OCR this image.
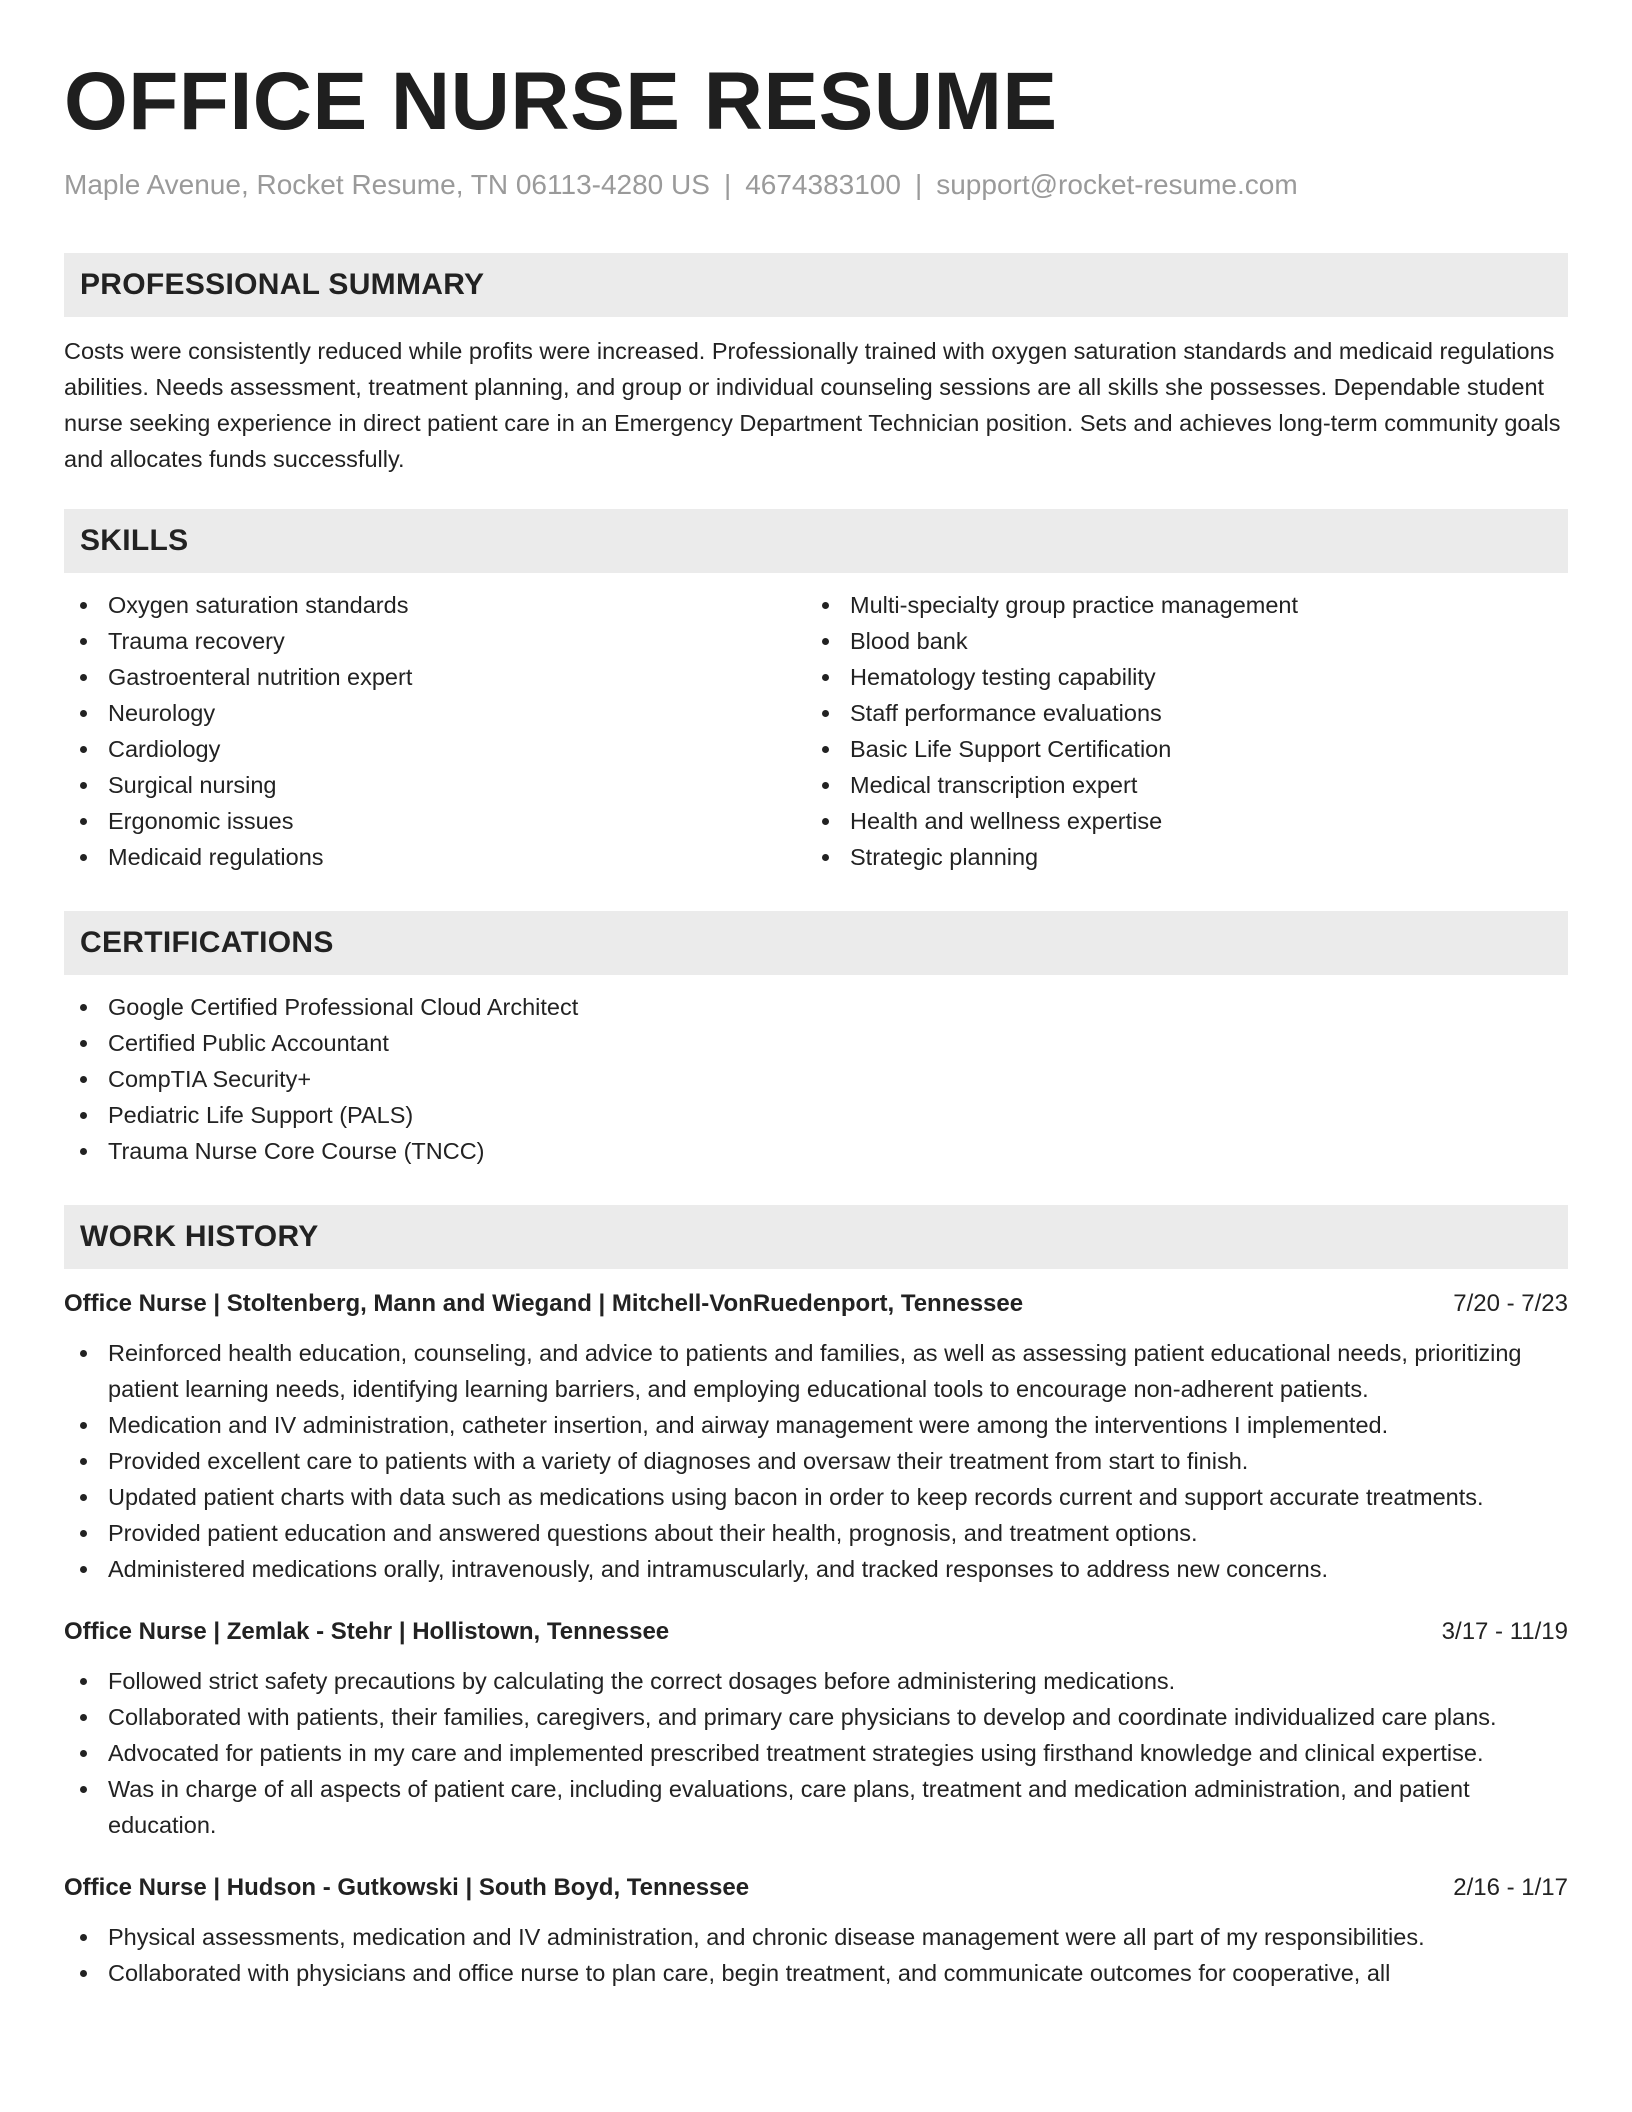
OFFICE NURSE RESUME
Maple Avenue, Rocket Resume, TN 06113-4280 US | 4674383100 | support@rocket-resume.com
PROFESSIONAL SUMMARY

Costs were consistently reduced while profits were increased. Professionally trained with oxygen saturation standards and medicaid regulations abilities. Needs assessment, treatment planning, and group or individual counseling sessions are all skills she possesses. Dependable student nurse seeking experience in direct patient care in an Emergency Department Technician position. Sets and achieves long-term community goals and allocates funds successfully.

SKILLS
Oxygen saturation standards
Trauma recovery
Gastroenteral nutrition expert
Neurology
Cardiology
Surgical nursing
Ergonomic issues
Medicaid regulations
Multi-specialty group practice management
Blood bank
Hematology testing capability
Staff performance evaluations
Basic Life Support Certification
Medical transcription expert
Health and wellness expertise
Strategic planning
CERTIFICATIONS
Google Certified Professional Cloud Architect
Certified Public Accountant
CompTIA Security+
Pediatric Life Support (PALS)
Trauma Nurse Core Course (TNCC)
WORK HISTORY
Office Nurse | Stoltenberg, Mann and Wiegand | Mitchell-VonRuedenport, Tennessee	7/20 - 7/23
Reinforced health education, counseling, and advice to patients and families, as well as assessing patient educational needs, prioritizing patient learning needs, identifying learning barriers, and employing educational tools to encourage non-adherent patients.
Medication and IV administration, catheter insertion, and airway management were among the interventions I implemented.
Provided excellent care to patients with a variety of diagnoses and oversaw their treatment from start to finish.
Updated patient charts with data such as medications using bacon in order to keep records current and support accurate treatments.
Provided patient education and answered questions about their health, prognosis, and treatment options.
Administered medications orally, intravenously, and intramuscularly, and tracked responses to address new concerns.
Office Nurse | Zemlak - Stehr | Hollistown, Tennessee	3/17 - 11/19
Followed strict safety precautions by calculating the correct dosages before administering medications.
Collaborated with patients, their families, caregivers, and primary care physicians to develop and coordinate individualized care plans.
Advocated for patients in my care and implemented prescribed treatment strategies using firsthand knowledge and clinical expertise.
Was in charge of all aspects of patient care, including evaluations, care plans, treatment and medication administration, and patient education.
Office Nurse | Hudson - Gutkowski | South Boyd, Tennessee	2/16 - 1/17
Physical assessments, medication and IV administration, and chronic disease management were all part of my responsibilities.
Collaborated with physicians and office nurse to plan care, begin treatment, and communicate outcomes for cooperative, all
